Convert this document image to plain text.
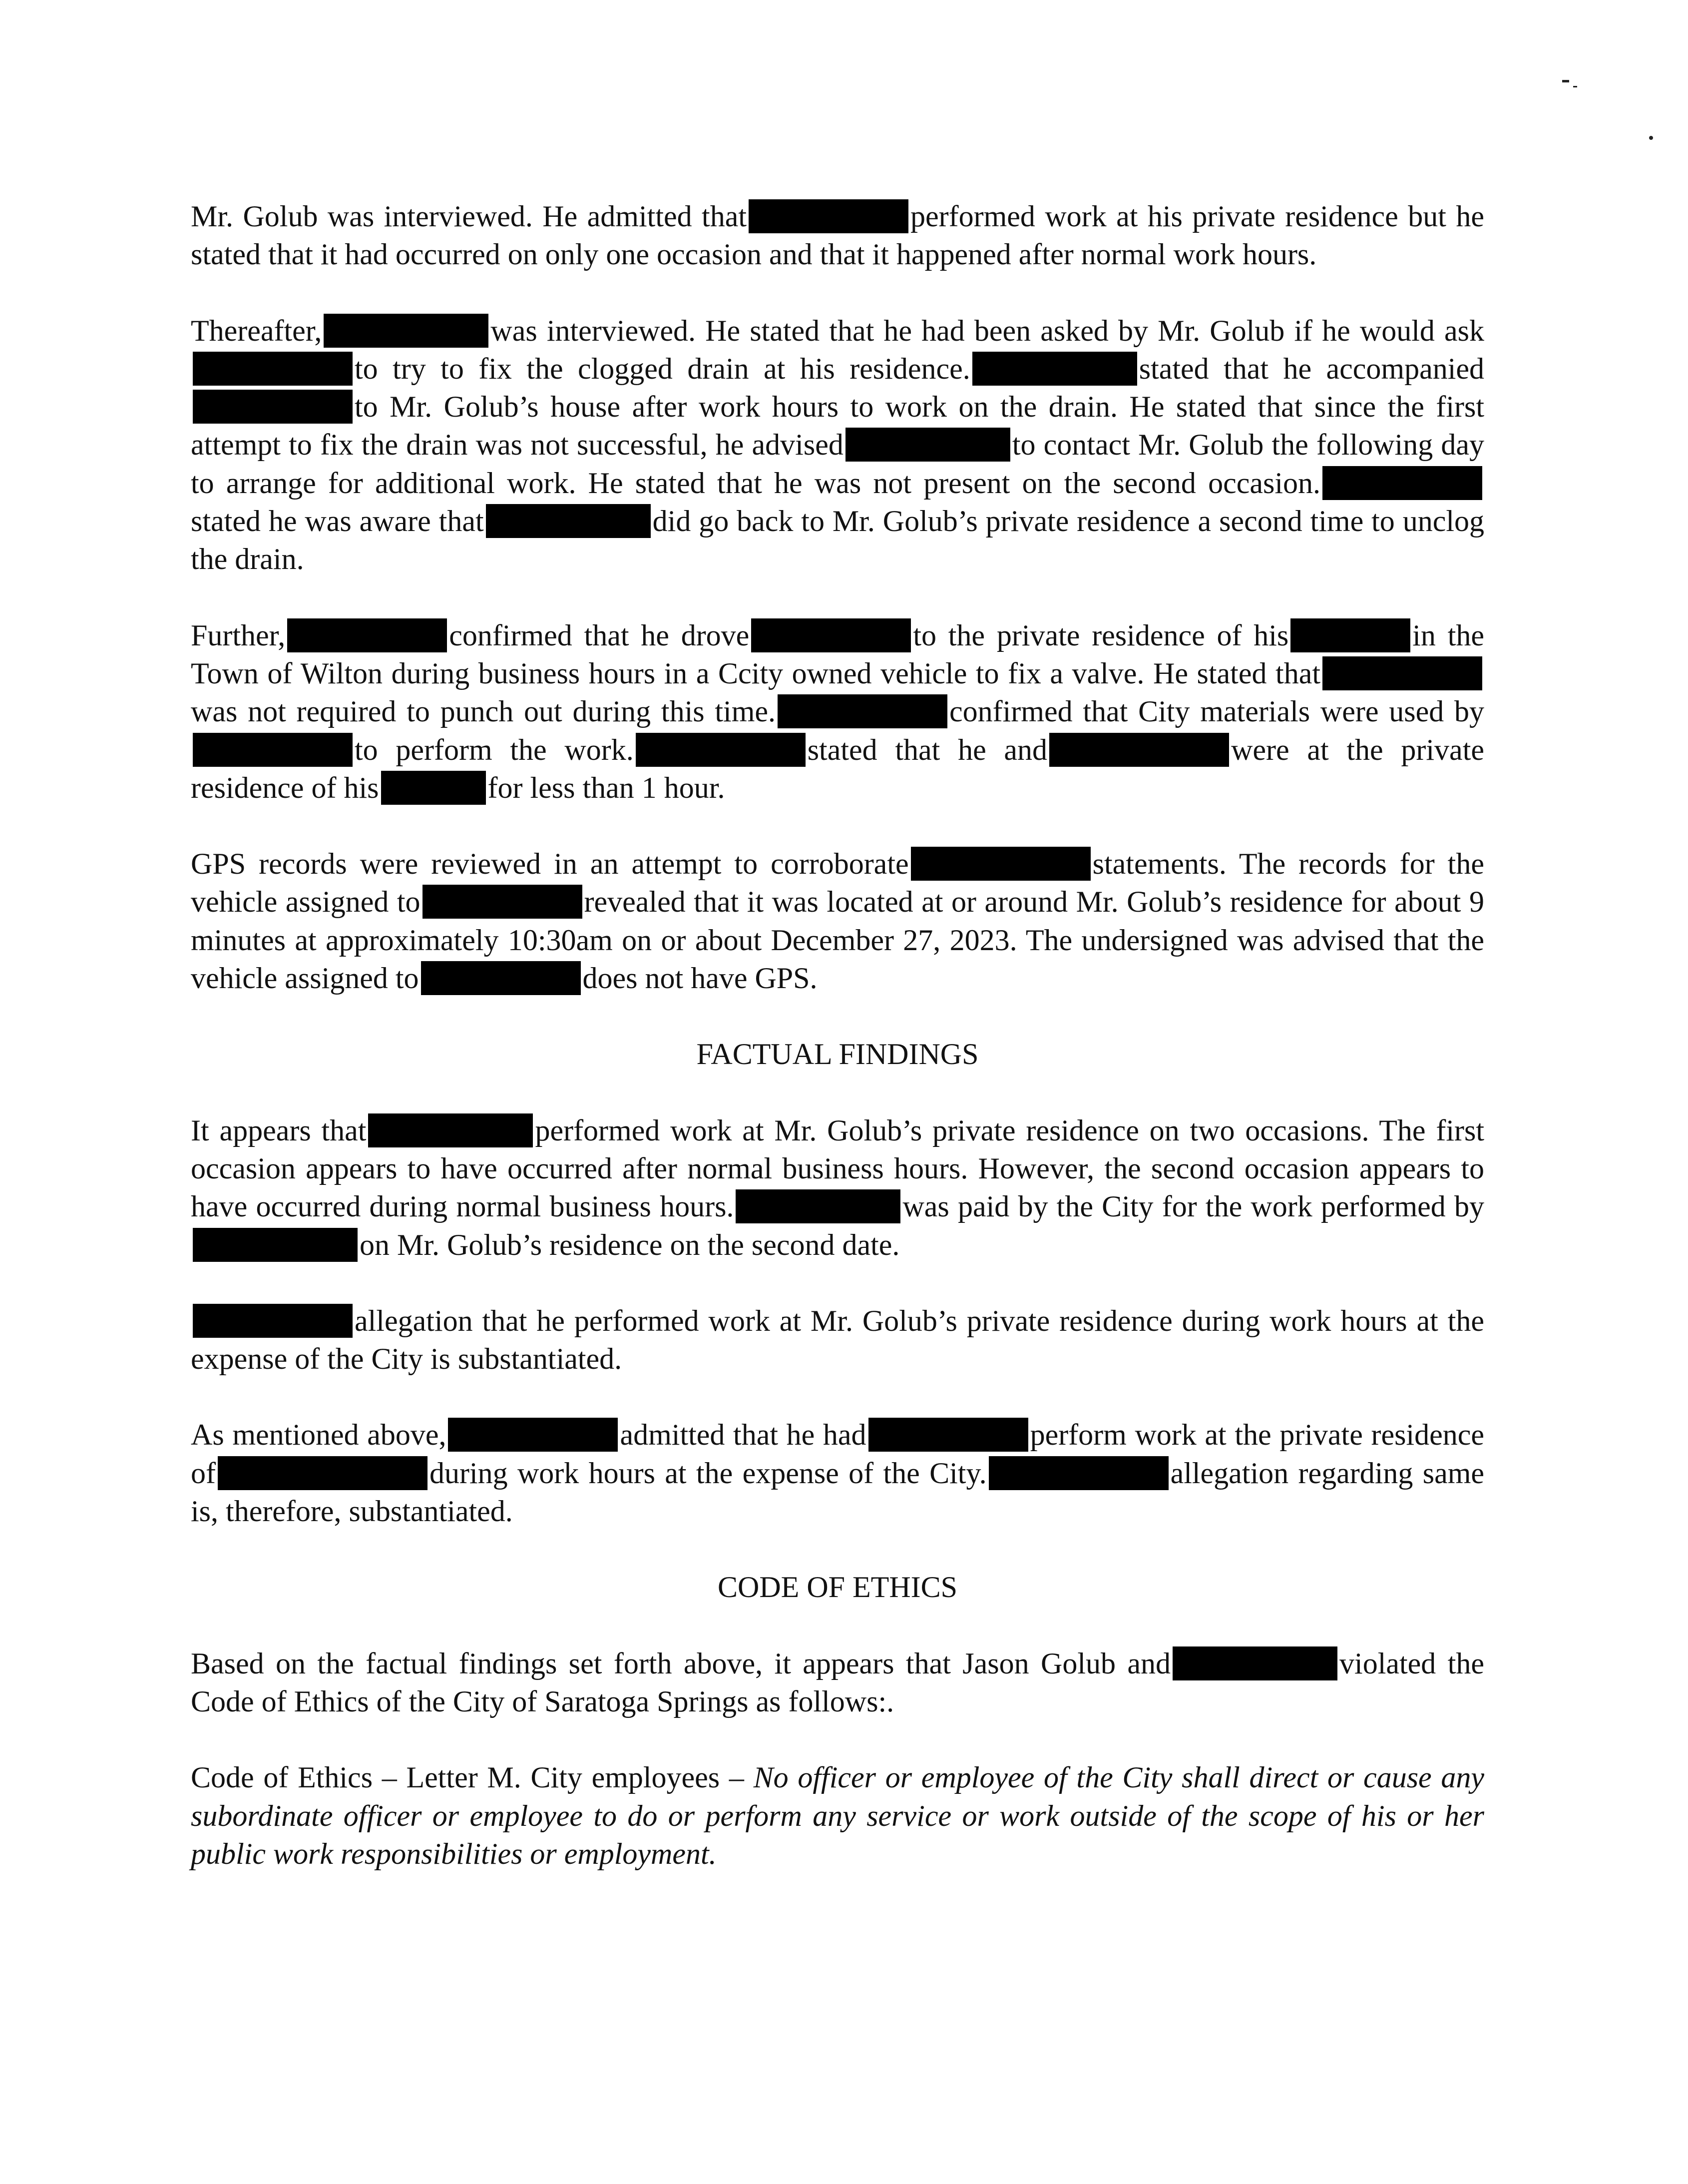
Mr. Golub was interviewed. He admitted that	performed work at his private residence but he stated that it had occurred on only one occasion and that it happened after normal work hours.

Thereafter,	was interviewed. He stated that he had been asked by Mr. Golub if he would askto try to fix the clogged drain at his residence.	stated that he accompaniedto Mr. Golub’s house after work hours to work on the drain. He stated that since the first attempt to fix the drain was not successful, he advised	to contact Mr. Golub the following day to arrange for additional work. He stated that he was not present on the second occasion.stated he was aware that	did go back to Mr. Golub’s private residence a second time to unclog the drain.

Further,	confirmed that he drove	to the private residence of his	in the Town of Wilton during business hours in a Ccity owned vehicle to fix a valve. He stated thatwas not required to punch out during this time.	confirmed that City materials were used byto perform the work.	stated that he and	were at the private residence of his	for less than 1 hour.

GPS records were reviewed in an attempt to corroborate	statements. The records for the vehicle assigned to	revealed that it was located at or around Mr. Golub’s residence for about 9 minutes at approximately 10:30am on or about December 27, 2023. The undersigned was advised that the vehicle assigned to	does not have GPS.

FACTUAL FINDINGS

It appears that	performed work at Mr. Golub’s private residence on two occasions. The first occasion appears to have occurred after normal business hours. However, the second occasion appears to have occurred during normal business hours.	was paid by the City for the work performed byon Mr. Golub’s residence on the second date.

allegation that he performed work at Mr. Golub’s private residence during work hours at the expense of the City is substantiated.

As mentioned above,	admitted that he had	perform work at the private residence of	during work hours at the expense of the City.	allegation regarding same is, therefore, substantiated.

CODE OF ETHICS

Based on the factual findings set forth above, it appears that Jason Golub and	violated the Code of Ethics of the City of Saratoga Springs as follows:.

Code of Ethics – Letter M. City employees – No officer or employee of the City shall direct or cause any subordinate officer or employee to do or perform any service or work outside of the scope of his or her public work responsibilities or employment.
